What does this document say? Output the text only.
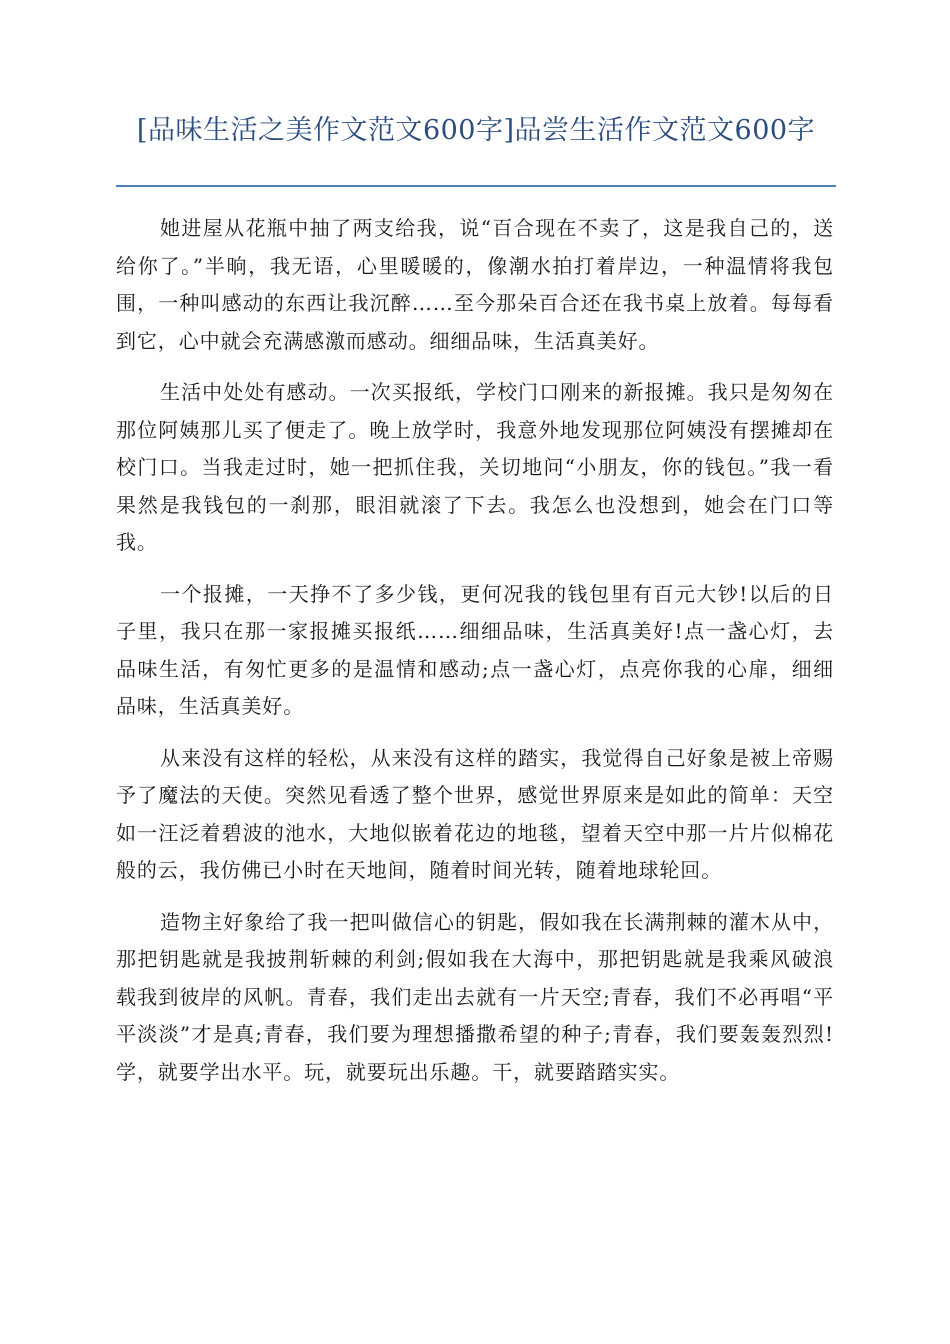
[品味生活之美作文范文600字]品尝生活作文范文600字

她进屋从花瓶中抽了两支给我，说“百合现在不卖了，这是我自己的，送给你了。”半晌，我无语，心里暖暖的，像潮水拍打着岸边，一种温情将我包围，一种叫感动的东西让我沉醉……至今那朵百合还在我书桌上放着。每每看到它，心中就会充满感激而感动。细细品味，生活真美好。

生活中处处有感动。一次买报纸，学校门口刚来的新报摊。我只是匆匆在那位阿姨那儿买了便走了。晚上放学时，我意外地发现那位阿姨没有摆摊却在校门口。当我走过时，她一把抓住我，关切地问“小朋友，你的钱包。”我一看果然是我钱包的一刹那，眼泪就滚了下去。我怎么也没想到，她会在门口等我。

一个报摊，一天挣不了多少钱，更何况我的钱包里有百元大钞!以后的日子里，我只在那一家报摊买报纸……细细品味，生活真美好!点一盏心灯，去品味生活，有匆忙更多的是温情和感动;点一盏心灯，点亮你我的心扉，细细品味，生活真美好。

从来没有这样的轻松，从来没有这样的踏实，我觉得自己好象是被上帝赐予了魔法的天使。突然见看透了整个世界，感觉世界原来是如此的简单：天空如一汪泛着碧波的池水，大地似嵌着花边的地毯，望着天空中那一片片似棉花般的云，我仿佛已小时在天地间，随着时间光转，随着地球轮回。

造物主好象给了我一把叫做信心的钥匙，假如我在长满荆棘的灌木从中，那把钥匙就是我披荆斩棘的利剑;假如我在大海中，那把钥匙就是我乘风破浪载我到彼岸的风帆。青春，我们走出去就有一片天空;青春，我们不必再唱“平平淡淡”才是真;青春，我们要为理想播撒希望的种子;青春，我们要轰轰烈烈!学，就要学出水平。玩，就要玩出乐趣。干，就要踏踏实实。
